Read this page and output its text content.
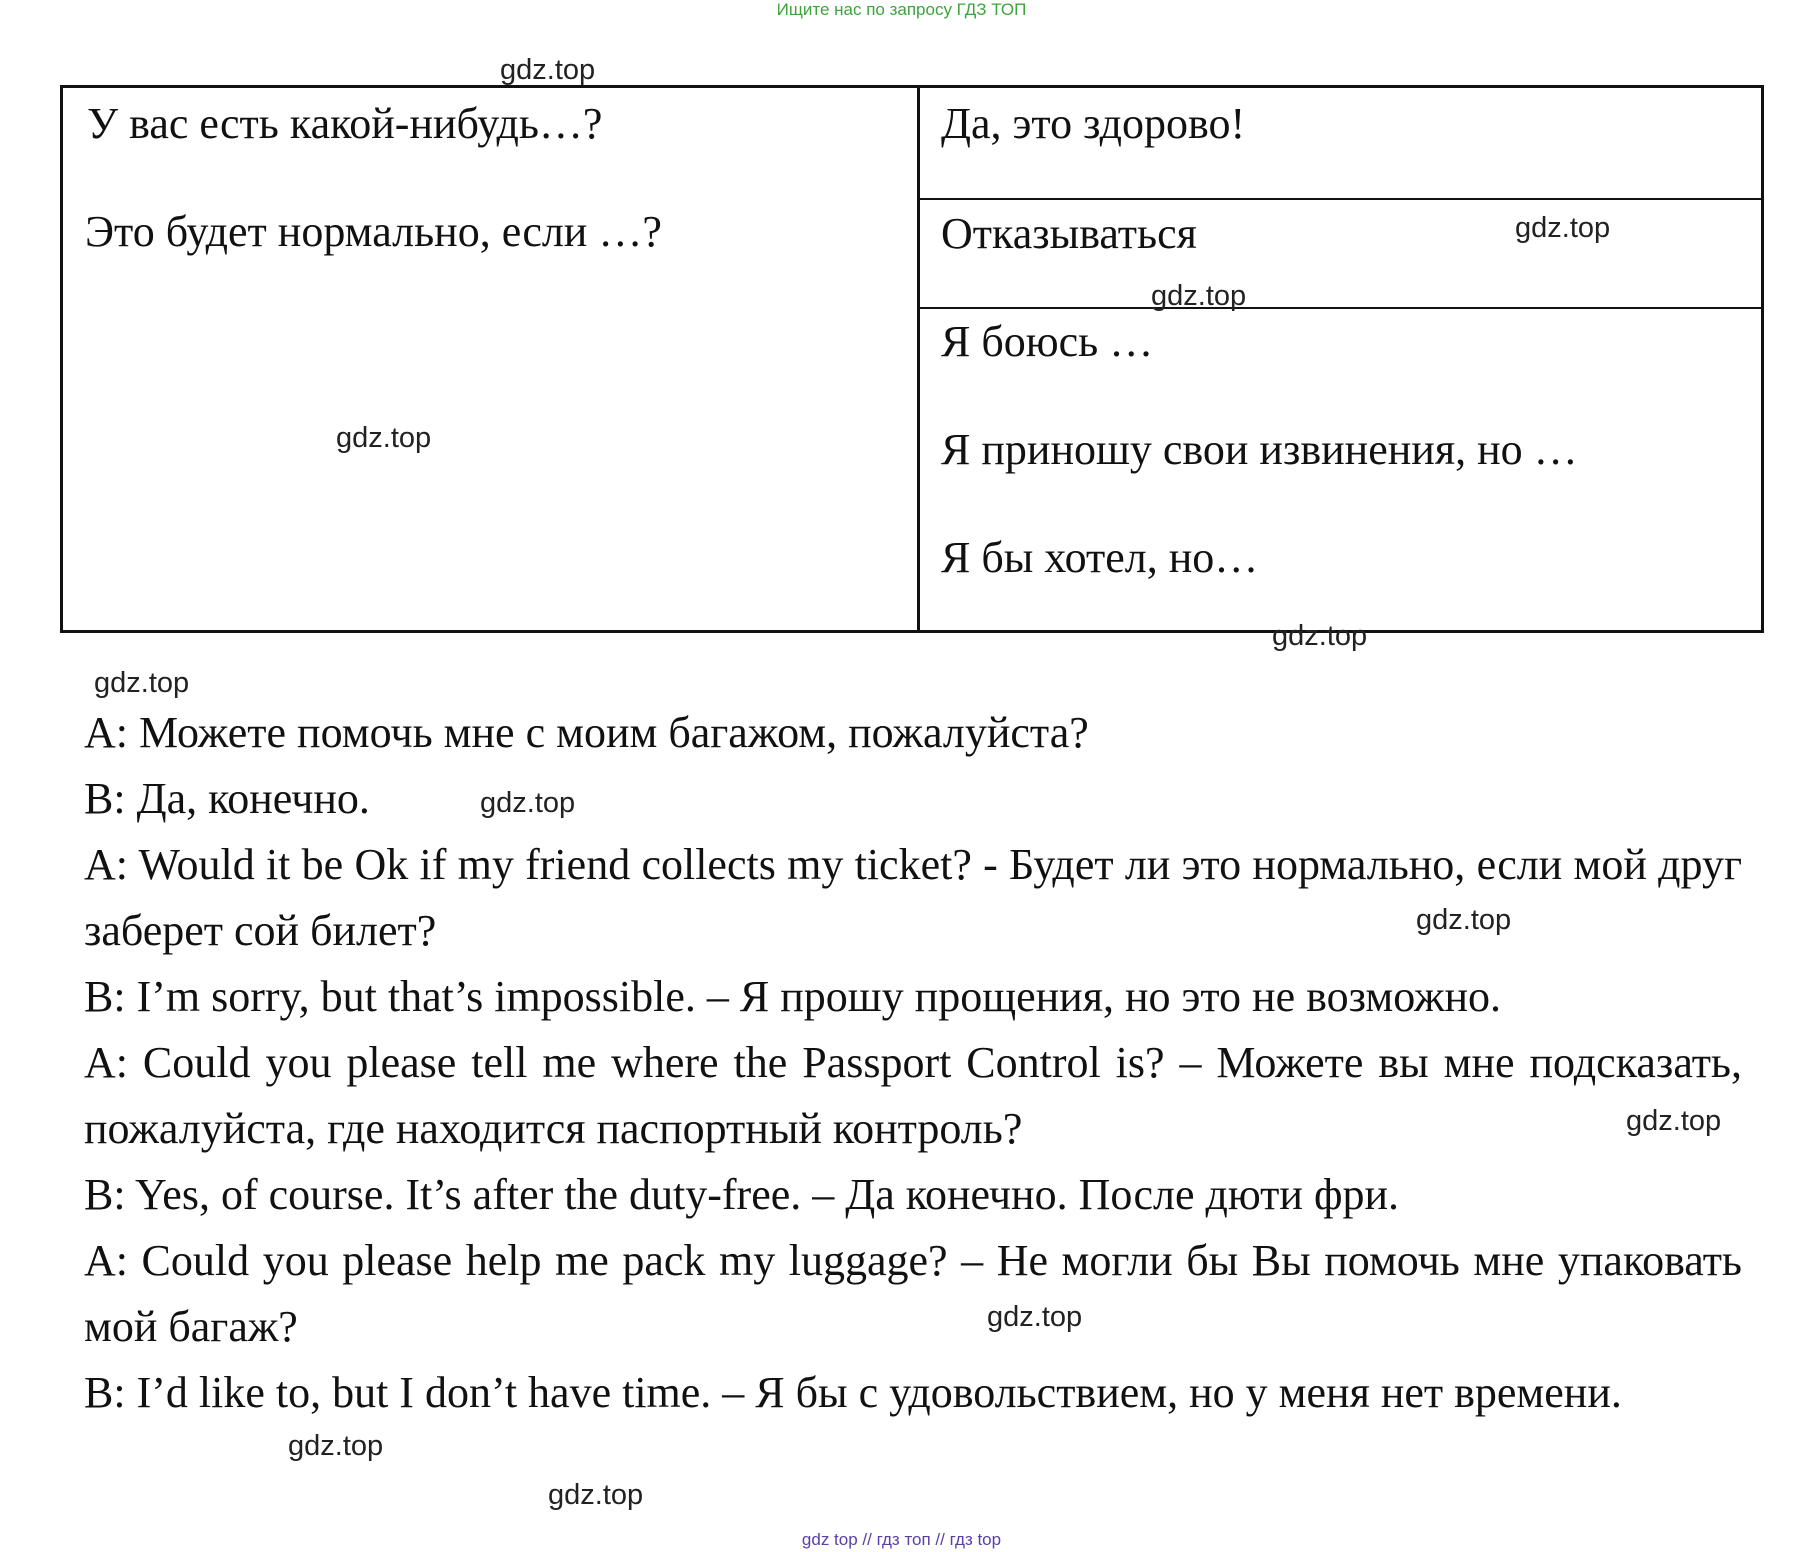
Ищите нас по запросу ГДЗ ТОП
У вас есть какой-нибудь…?
Это будет нормально, если …?
Да, это здорово!
Отказываться
Я боюсь …
Я приношу свои извинения, но …
Я бы хотел, но…

A: Можете помочь мне с моим багажом, пожалуйста?

B: Да, конечно.

A: Would it be Ok if my friend collects my ticket? - Будет ли это нормально, если мой друг заберет сой билет?

B: I’m sorry, but that’s impossible. – Я прошу прощения, но это не возможно.

A: Could you please tell me where the Passport Control is? – Можете вы мне подсказать, пожалуйста, где находится паспортный контроль?

B: Yes, of course. It’s after the duty-free. – Да конечно. После дюти фри.

A: Could you please help me pack my luggage? – Не могли бы Вы помочь мне упаковать мой багаж?

B: I’d like to, but I don’t have time. – Я бы с удовольствием, но у меня нет времени.

gdz.top
gdz.top
gdz.top
gdz.top
gdz.top
gdz.top
gdz.top
gdz.top
gdz.top
gdz.top
gdz.top
gdz.top
gdz top // гдз топ // гдз top
